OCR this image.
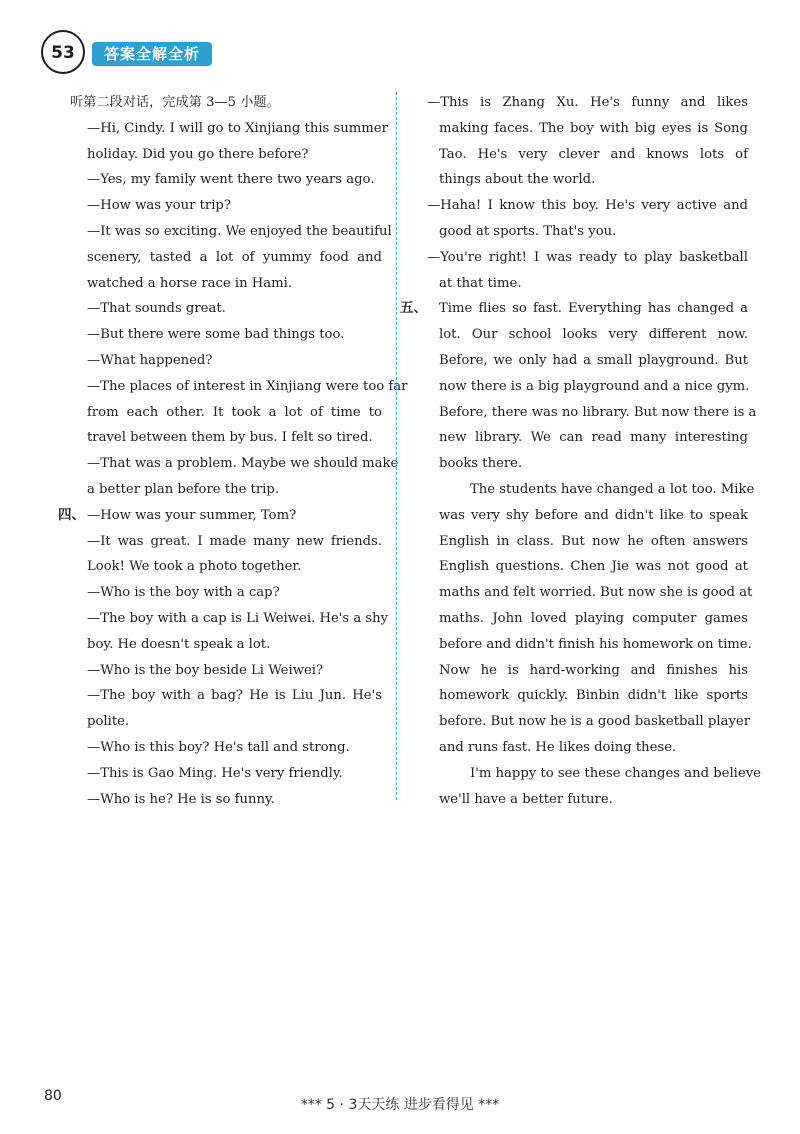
53	答案全解全析
听第二段对话，完成第 3—5 小题。
—Hi, Cindy. I will go to Xinjiang this summer
holiday. Did you go there before?
—Yes, my family went there two years ago.
—How was your trip?
—It was so exciting. We enjoyed the beautiful
scenery, tasted a lot of yummy food and
watched a horse race in Hami.
—That sounds great.
—But there were some bad things too.
—What happened?
—The places of interest in Xinjiang were too far
from each other. It took a lot of time to
travel between them by bus. I felt so tired.
—That was a problem. Maybe we should make
a better plan before the trip.
四、 —How was your summer, Tom?
—It was great. I made many new friends.
Look! We took a photo together.
—Who is the boy with a cap?
—The boy with a cap is Li Weiwei. He's a shy
boy. He doesn't speak a lot.
—Who is the boy beside Li Weiwei?
—The boy with a bag? He is Liu Jun. He's
polite.
—Who is this boy? He's tall and strong.
—This is Gao Ming. He's very friendly.
—Who is he? He is so funny.
—This is Zhang Xu. He's funny and likes
making faces. The boy with big eyes is Song
Tao. He's very clever and knows lots of
things about the world.
—Haha! I know this boy. He's very active and
good at sports. That's you.
—You're right! I was ready to play basketball
at that time.
五、 Time flies so fast. Everything has changed a
lot. Our school looks very different now.
Before, we only had a small playground. But
now there is a big playground and a nice gym.
Before, there was no library. But now there is a
new library. We can read many interesting
books there.
The students have changed a lot too. Mike
was very shy before and didn't like to speak
English in class. But now he often answers
English questions. Chen Jie was not good at
maths and felt worried. But now she is good at
maths. John loved playing computer games
before and didn't finish his homework on time.
Now he is hard-working and finishes his
homework quickly. Binbin didn't like sports
before. But now he is a good basketball player
and runs fast. He likes doing these.
I'm happy to see these changes and believe
we'll have a better future.
80
*** 5 · 3天天练 进步看得见 ***
